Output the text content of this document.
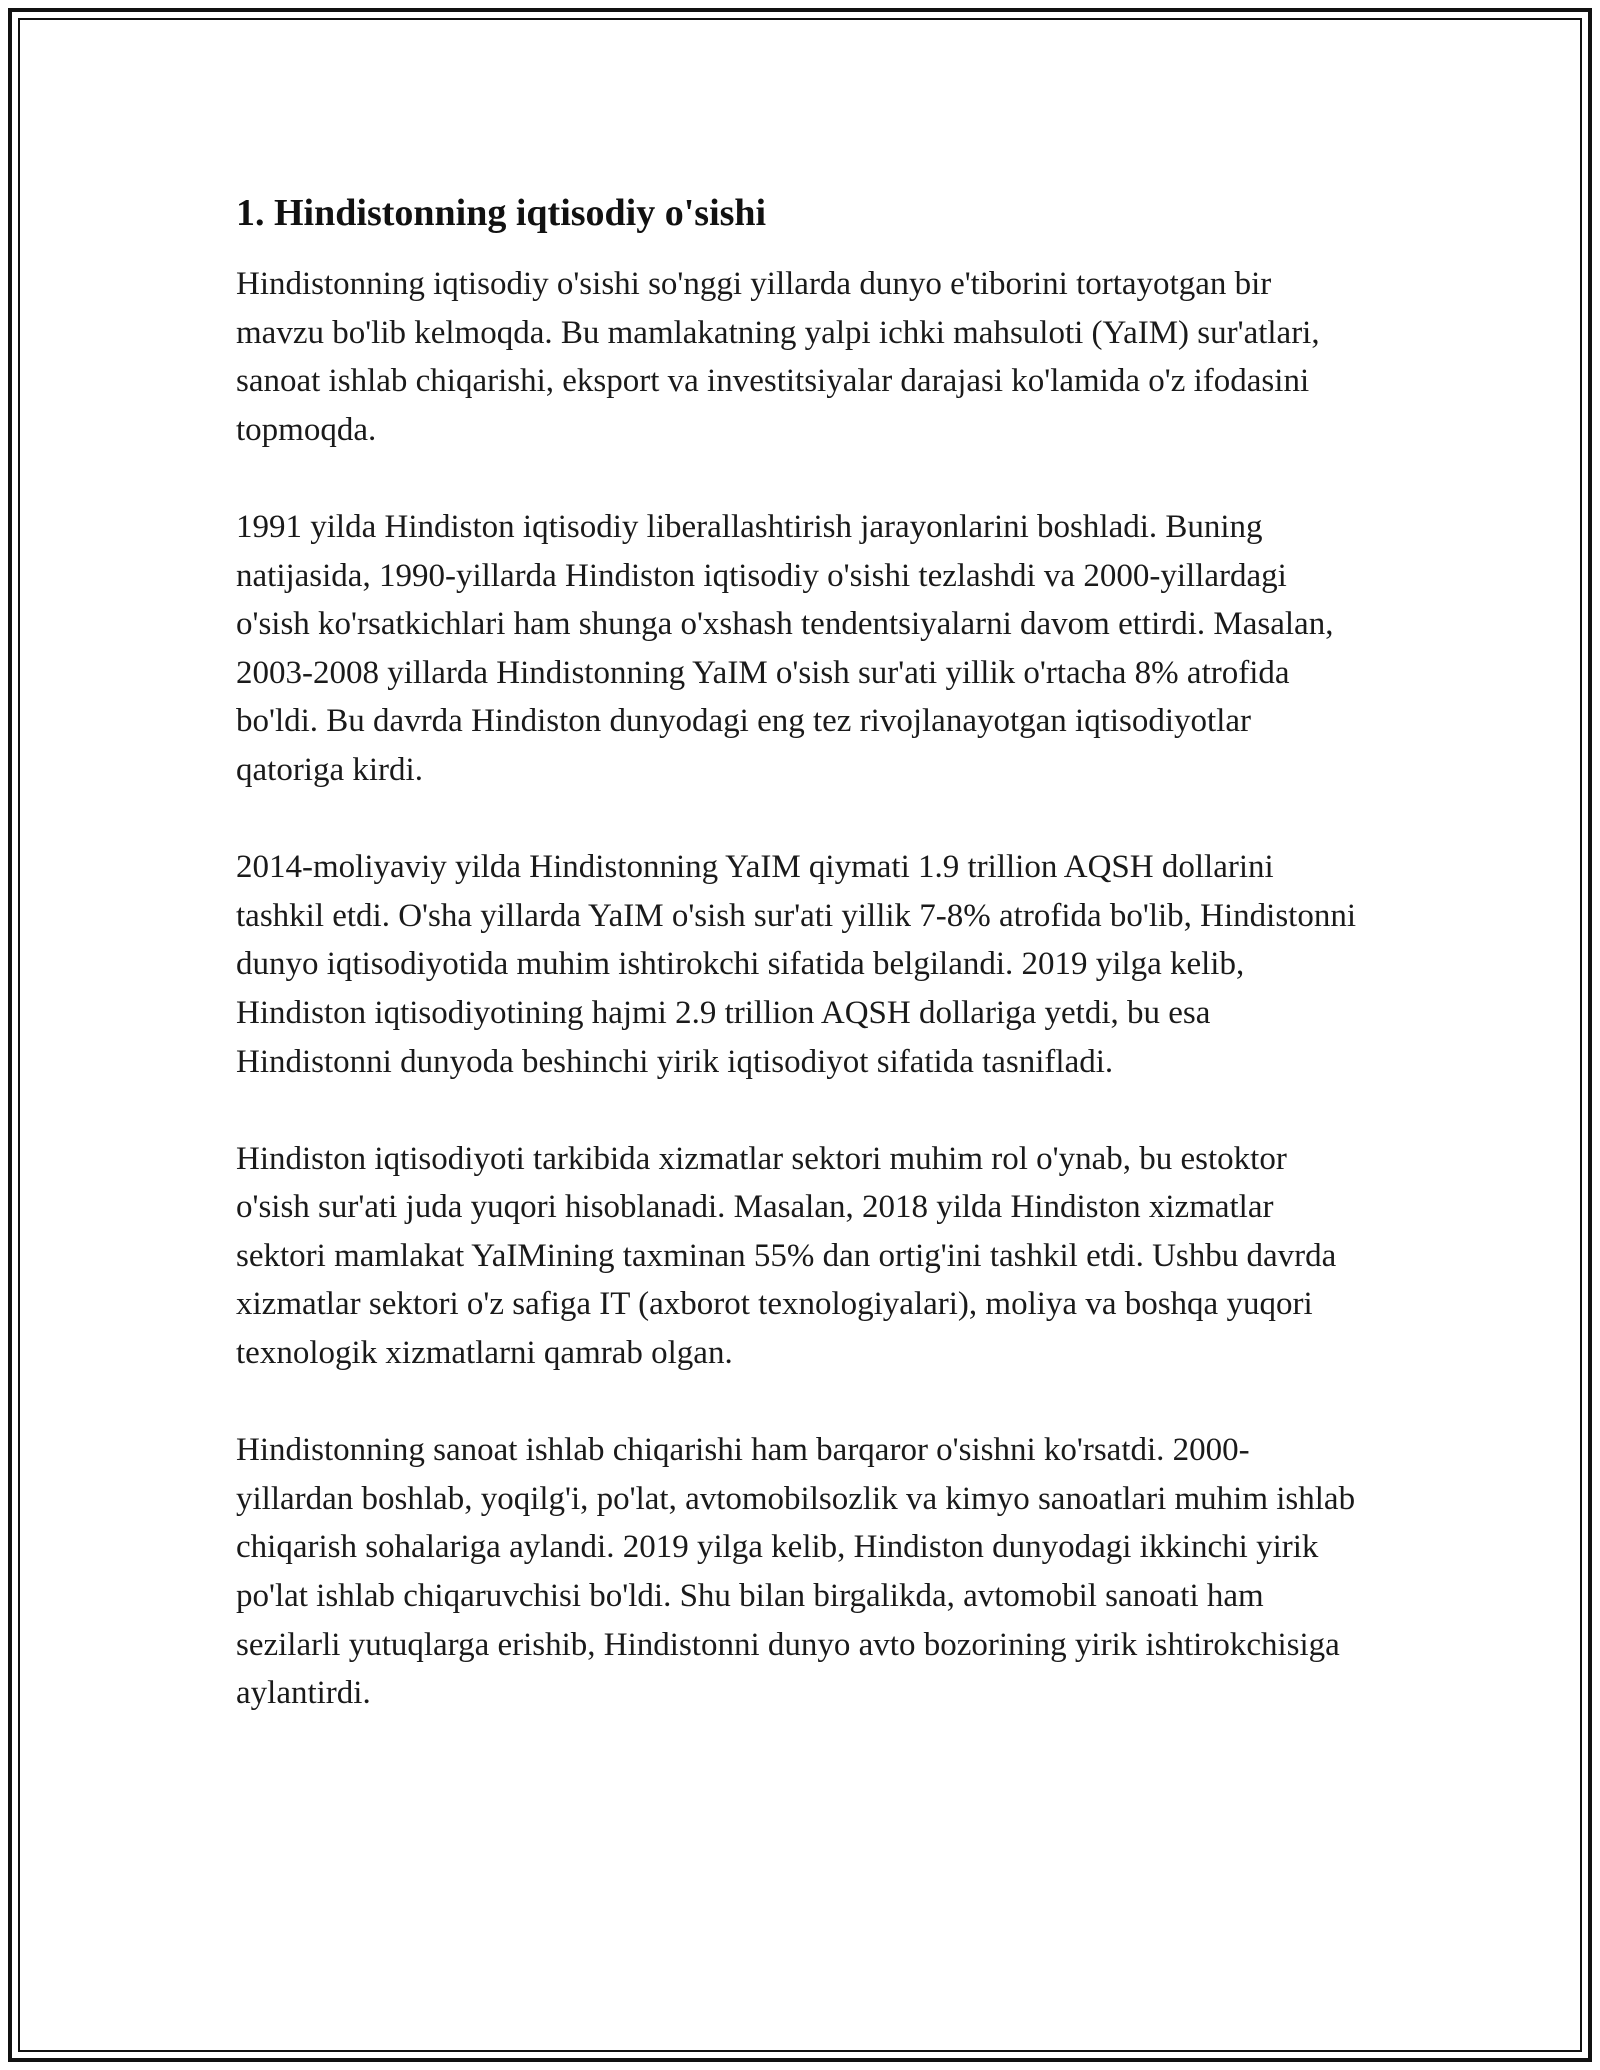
1. Hindistonning iqtisodiy o'sishi

Hindistonning iqtisodiy o'sishi so'nggi yillarda dunyo e'tiborini tortayotgan bir mavzu bo'lib kelmoqda. Bu mamlakatning yalpi ichki mahsuloti (YaIM) sur'atlari, sanoat ishlab chiqarishi, eksport va investitsiyalar darajasi ko'lamida o'z ifodasini topmoqda.

1991 yilda Hindiston iqtisodiy liberallashtirish jarayonlarini boshladi. Buning natijasida, 1990-yillarda Hindiston iqtisodiy o'sishi tezlashdi va 2000-yillardagi o'sish ko'rsatkichlari ham shunga o'xshash tendentsiyalarni davom ettirdi. Masalan, 2003-2008 yillarda Hindistonning YaIM o'sish sur'ati yillik o'rtacha 8% atrofida bo'ldi. Bu davrda Hindiston dunyodagi eng tez rivojlanayotgan iqtisodiyotlar qatoriga kirdi.

2014-moliyaviy yilda Hindistonning YaIM qiymati 1.9 trillion AQSH dollarini tashkil etdi. O'sha yillarda YaIM o'sish sur'ati yillik 7-8% atrofida bo'lib, Hindistonni dunyo iqtisodiyotida muhim ishtirokchi sifatida belgilandi. 2019 yilga kelib, Hindiston iqtisodiyotining hajmi 2.9 trillion AQSH dollariga yetdi, bu esa Hindistonni dunyoda beshinchi yirik iqtisodiyot sifatida tasnifladi.

Hindiston iqtisodiyoti tarkibida xizmatlar sektori muhim rol o'ynab, bu estoktor o'sish sur'ati juda yuqori hisoblanadi. Masalan, 2018 yilda Hindiston xizmatlar sektori mamlakat YaIMining taxminan 55% dan ortig'ini tashkil etdi. Ushbu davrda xizmatlar sektori o'z safiga IT (axborot texnologiyalari), moliya va boshqa yuqori texnologik xizmatlarni qamrab olgan.

Hindistonning sanoat ishlab chiqarishi ham barqaror o'sishni ko'rsatdi. 2000-yillardan boshlab, yoqilg'i, po'lat, avtomobilsozlik va kimyo sanoatlari muhim ishlab chiqarish sohalariga aylandi. 2019 yilga kelib, Hindiston dunyodagi ikkinchi yirik po'lat ishlab chiqaruvchisi bo'ldi. Shu bilan birgalikda, avtomobil sanoati ham sezilarli yutuqlarga erishib, Hindistonni dunyo avto bozorining yirik ishtirokchisiga aylantirdi.
